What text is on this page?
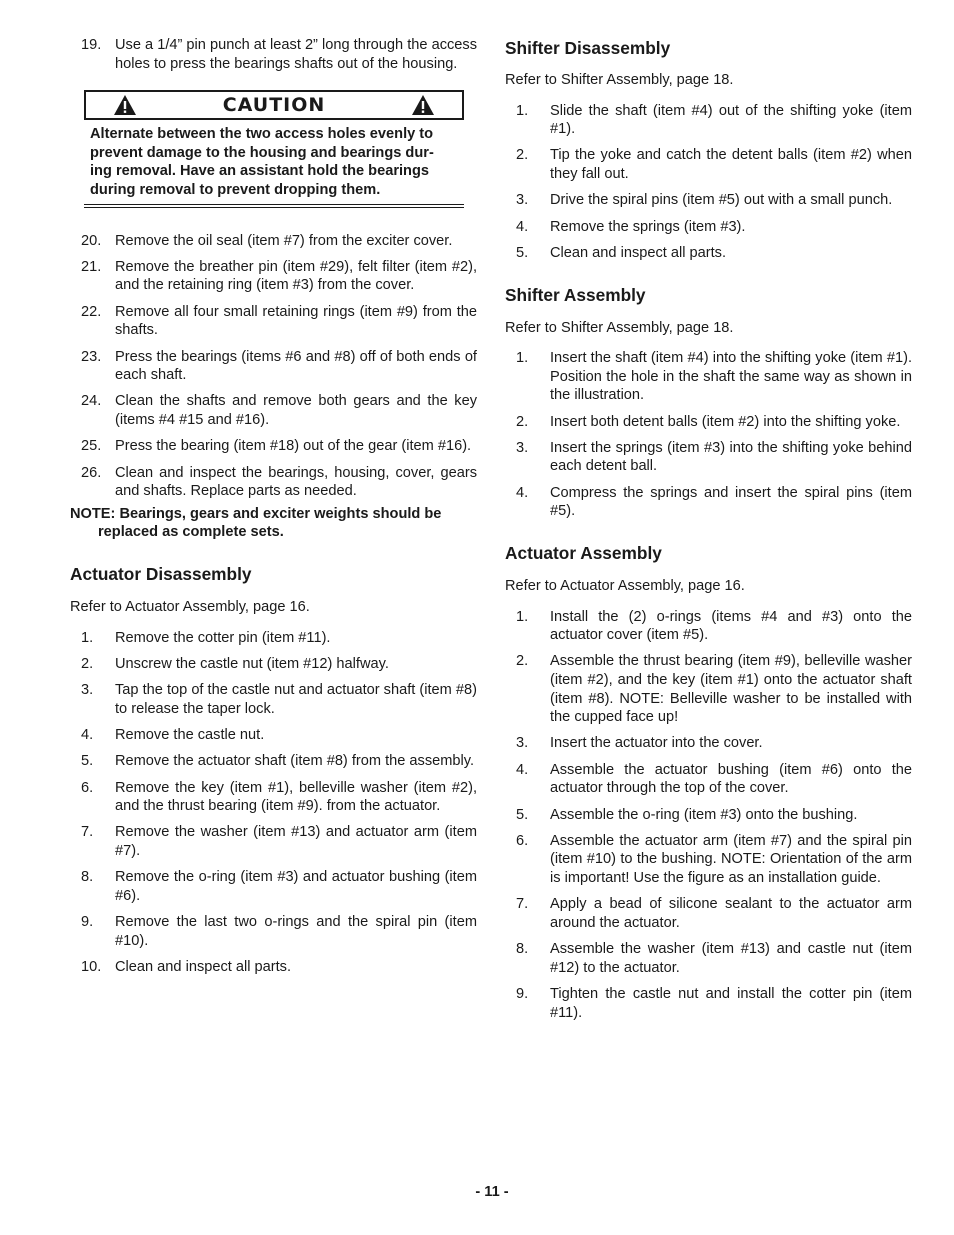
19. Use a 1/4” pin punch at least 2” long through the access holes to press the bearings shafts out of the housing.
CAUTION
Alternate between the two access holes evenly to
prevent damage to the housing and bearings dur-
ing removal. Have an assistant hold the bearings
during removal to prevent dropping them.
20. Remove the oil seal (item #7) from the exciter cover.
21. Remove the breather pin (item #29), felt filter (item #2), and the retaining ring (item #3) from the cover.
22. Remove all four small retaining rings (item #9) from the shafts.
23. Press the bearings (items #6 and #8) off of both ends of each shaft.
24. Clean the shafts and remove both gears and the key (items #4 #15 and #16).
25. Press the bearing (item #18) out of the gear (item #16).
26. Clean and inspect the bearings, housing, cover, gears and shafts. Replace parts as needed.
NOTE: Bearings, gears and exciter weights should be
replaced as complete sets.
Actuator Disassembly

Refer to Actuator Assembly, page 16.

1.	Remove the cotter pin (item #11).
2.	Unscrew the castle nut (item #12) halfway.
3.	Tap the top of the castle nut and actuator shaft (item #8) to release the taper lock.
4.	Remove the castle nut.
5.	Remove the actuator shaft (item #8) from the assembly.
6.	Remove the key (item #1), belleville washer (item #2), and the thrust bearing (item #9). from the actuator.
7.	Remove the washer (item #13) and actuator arm (item #7).
8.	Remove the o-ring (item #3) and actuator bushing (item #6).
9.	Remove the last two o-rings and the spiral pin (item #10).
10. Clean and inspect all parts.
Shifter Disassembly

Refer to Shifter Assembly, page 18.

1.	Slide the shaft (item #4) out of the shifting yoke (item #1).
2.	Tip the yoke and catch the detent balls (item #2) when they fall out.
3.	Drive the spiral pins (item #5) out with a small punch.
4.	Remove the springs (item #3).
5.	Clean and inspect all parts.
Shifter Assembly

Refer to Shifter Assembly, page 18.

1.	Insert the shaft (item #4) into the shifting yoke (item #1). Position the hole in the shaft the same way as shown in the illustration.
2.	Insert both detent balls (item #2) into the shifting yoke.
3.	Insert the springs (item #3) into the shifting yoke behind each detent ball.
4.	Compress the springs and insert the spiral pins (item #5).
Actuator Assembly

Refer to Actuator Assembly, page 16.

1.	Install the (2) o-rings (items #4 and #3) onto the actuator cover (item #5).
2.	Assemble the thrust bearing (item #9), belleville washer (item #2), and the key (item #1) onto the actuator shaft (item #8). NOTE: Belleville washer to be installed with the cupped face up!
3.	Insert the actuator into the cover.
4.	Assemble the actuator bushing (item #6) onto the actuator through the top of the cover.
5.	Assemble the o-ring (item #3) onto the bushing.
6.	Assemble the actuator arm (item #7) and the spiral pin (item #10) to the bushing. NOTE: Orientation of the arm is important! Use the figure as an installation guide.
7.	Apply a bead of silicone sealant to the actuator arm around the actuator.
8.	Assemble the washer (item #13) and castle nut (item #12) to the actuator.
9.	Tighten the castle nut and install the cotter pin (item #11).
- 11 -
